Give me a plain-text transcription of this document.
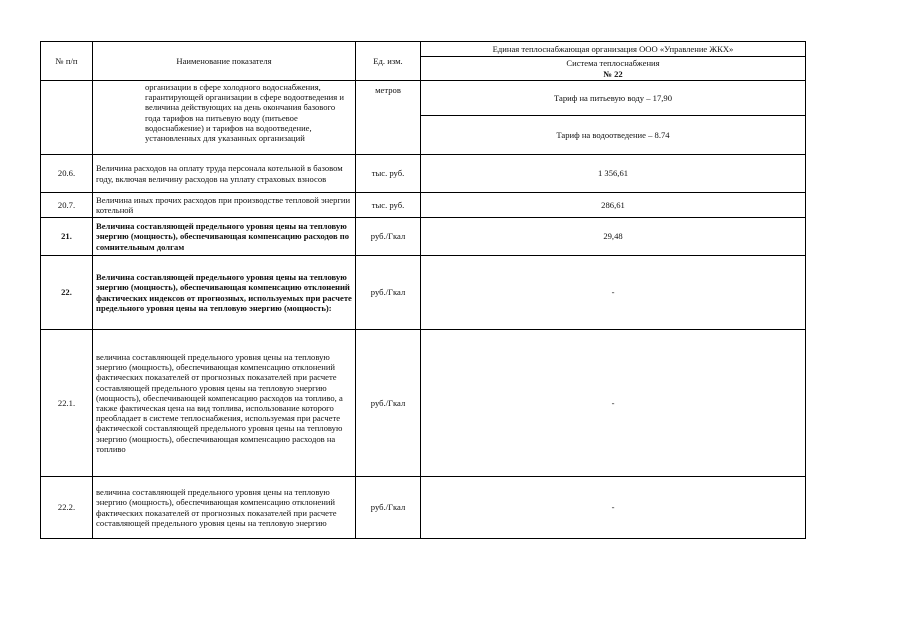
№ п/п	Наименование показателя	Ед. изм.	Единая теплоснабжающая организация ООО «Управление ЖКХ»

			Система теплоснабжения
№ 22

	организации в сфере холодного водоснабжения, гарантирующей организации в сфере водоотведения и величина действующих на день окончания базового года тарифов на питьевую воду (питьевое водоснабжение) и тарифов на водоотведение, установленных для указанных организаций	метров	Тариф на питьевую воду – 17,90
			Тариф на водоотведение – 8.74
20.6.	Величина расходов на оплату труда персонала котельной в базовом году, включая величину расходов на уплату страховых взносов	тыс. руб.	1 356,61
20.7.	Величина иных прочих расходов при производстве тепловой энергии котельной	тыс. руб.	286,61
21.	Величина составляющей предельного уровня цены на тепловую энергию (мощность), обеспечивающая компенсацию расходов по сомнительным долгам	руб./Гкал	29,48
22.	Величина составляющей предельного уровня цены на тепловую энергию (мощность), обеспечивающая компенсацию отклонений фактических индексов от прогнозных, используемых при расчете предельного уровня цены на тепловую энергию (мощность):	руб./Гкал	-
22.1.	величина составляющей предельного уровня цены на тепловую энергию (мощность), обеспечивающая компенсацию отклонений фактических показателей от прогнозных показателей при расчете составляющей предельного уровня цены на тепловую энергию (мощность), обеспечивающей компенсацию расходов на топливо, а также фактическая цена на вид топлива, использование которого преобладает в системе теплоснабжения, используемая при расчете фактической составляющей предельного уровня цены на тепловую энергию (мощность), обеспечивающая компенсацию расходов на топливо	руб./Гкал	-
22.2.	величина составляющей предельного уровня цены на тепловую энергию (мощность), обеспечивающая компенсацию отклонений фактических показателей от прогнозных показателей при расчете составляющей предельного уровня цены на тепловую энергию	руб./Гкал	-
